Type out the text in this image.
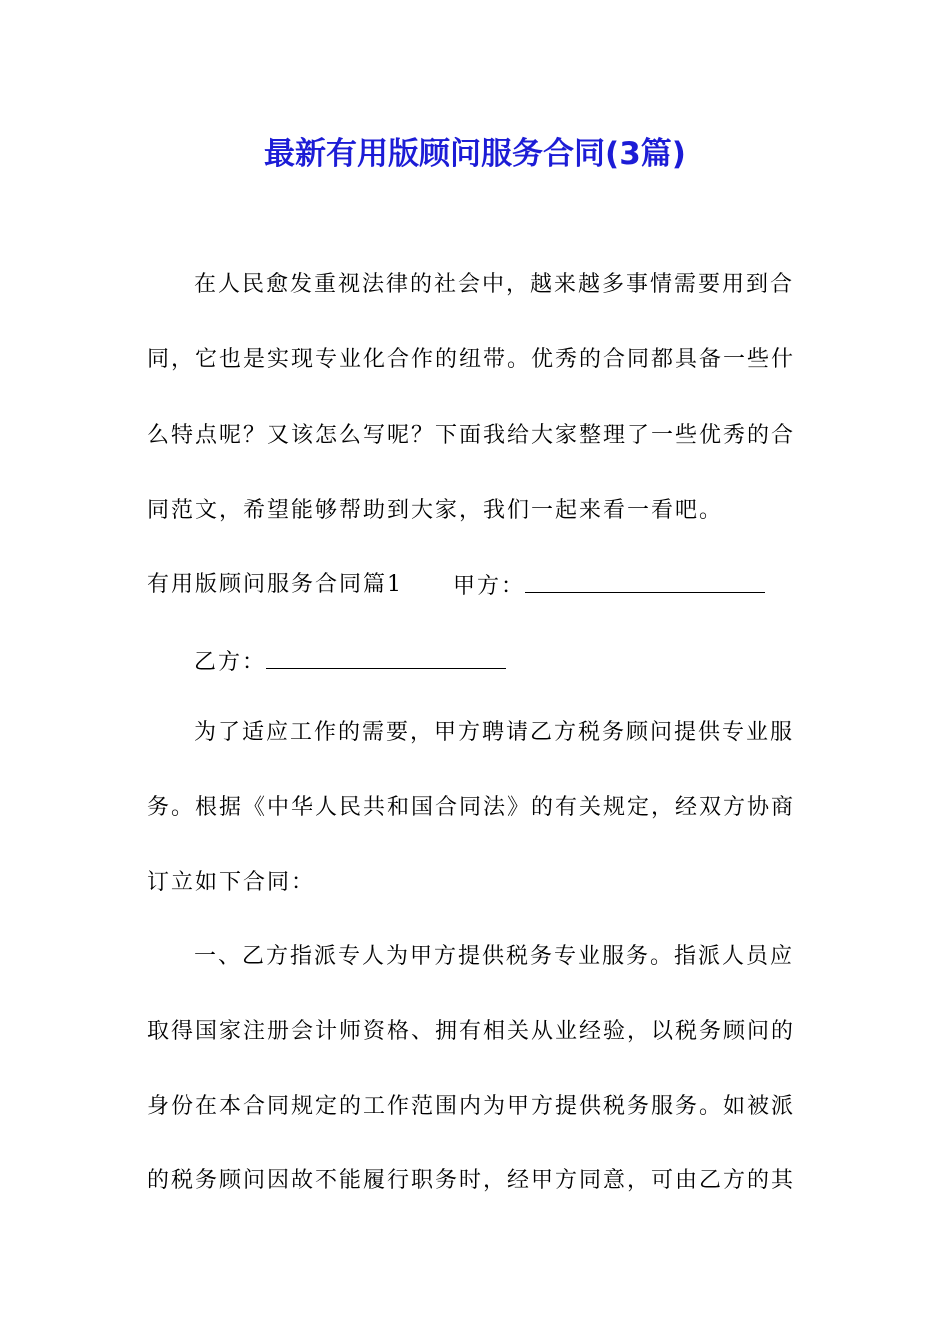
最新有用版顾问服务合同(3篇)
在人民愈发重视法律的社会中，越来越多事情需要用到合
同，它也是实现专业化合作的纽带。优秀的合同都具备一些什
么特点呢？又该怎么写呢？下面我给大家整理了一些优秀的合
同范文，希望能够帮助到大家，我们一起来看一看吧。
有用版顾问服务合同篇1 甲方：
乙方：
为了适应工作的需要，甲方聘请乙方税务顾问提供专业服
务。根据《中华人民共和国合同法》的有关规定，经双方协商
订立如下合同：
一、乙方指派专人为甲方提供税务专业服务。指派人员应
取得国家注册会计师资格、拥有相关从业经验，以税务顾问的
身份在本合同规定的工作范围内为甲方提供税务服务。如被派
的税务顾问因故不能履行职务时，经甲方同意，可由乙方的其
